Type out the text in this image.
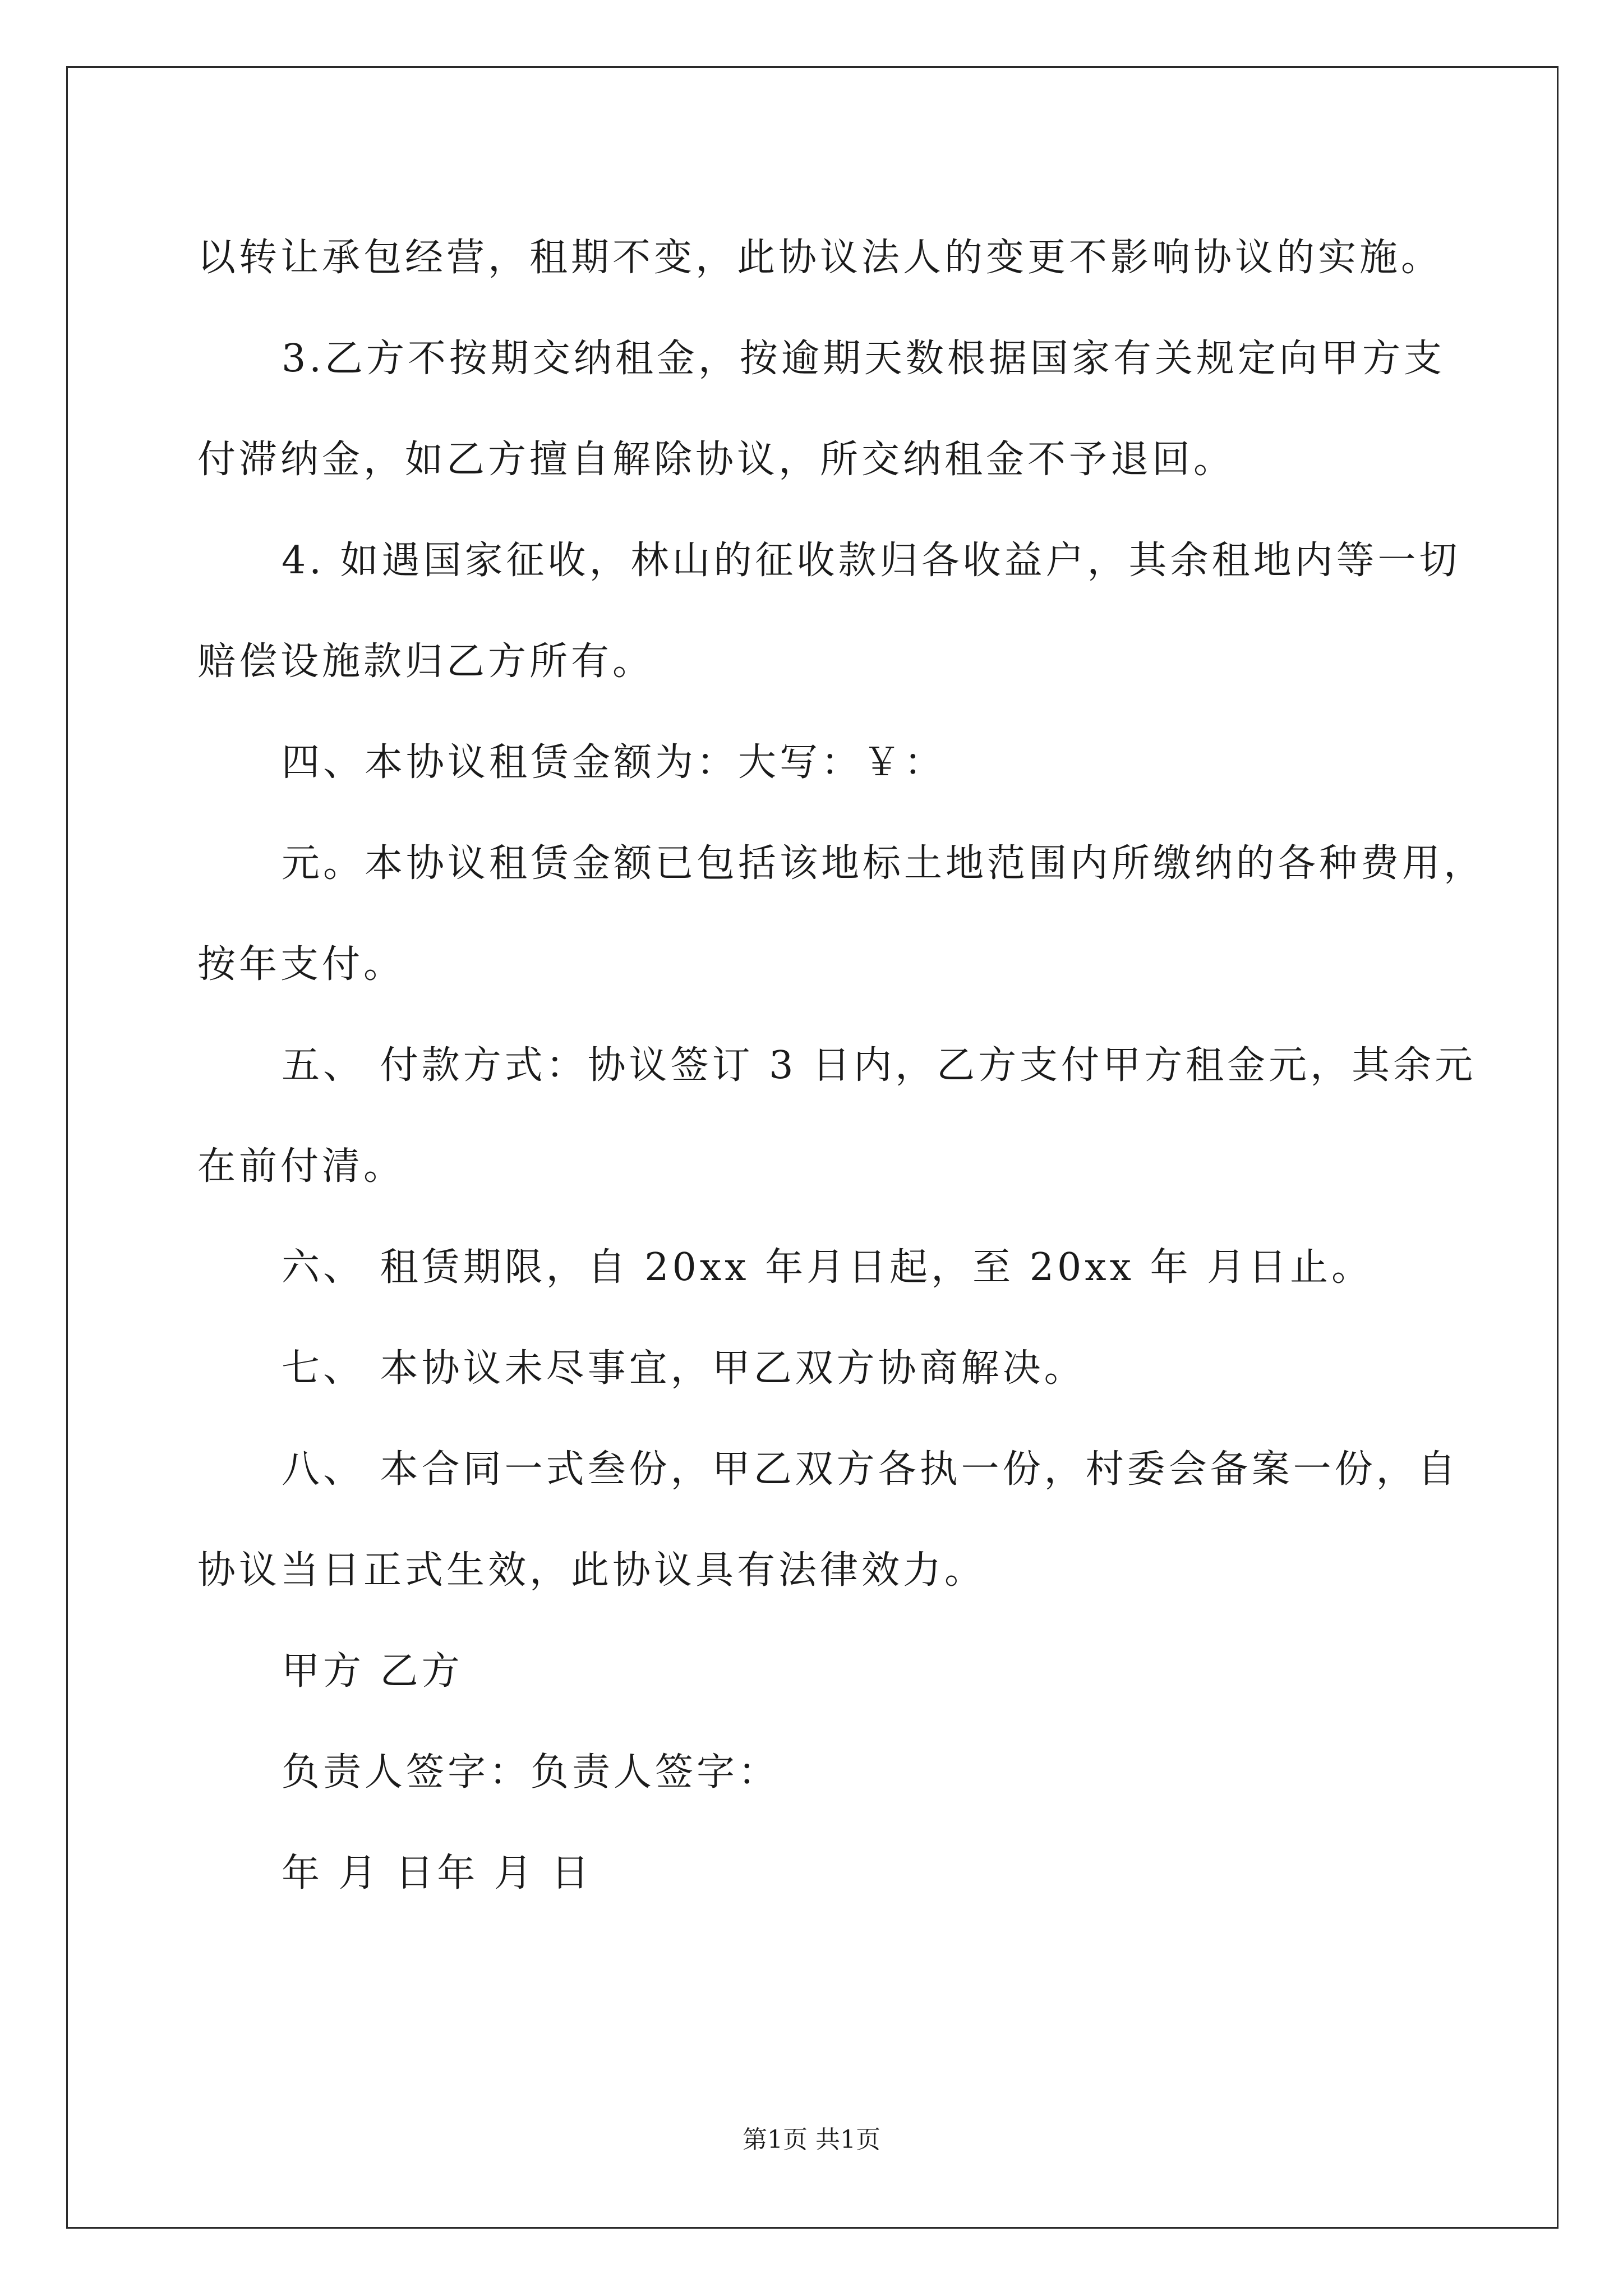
以转让承包经营，租期不变，此协议法人的变更不影响协议的实施。
3.乙方不按期交纳租金，按逾期天数根据国家有关规定向甲方支
付滞纳金，如乙方擅自解除协议，所交纳租金不予退回。
4. 如遇国家征收，林山的征收款归各收益户，其余租地内等一切
赔偿设施款归乙方所有。
四、本协议租赁金额为：大写：￥：
元。本协议租赁金额已包括该地标土地范围内所缴纳的各种费用，
按年支付。
五、 付款方式：协议签订 3 日内，乙方支付甲方租金元，其余元
在前付清。
六、 租赁期限，自 20xx 年月日起，至 20xx 年 月日止。
七、 本协议未尽事宜，甲乙双方协商解决。
八、 本合同一式叁份，甲乙双方各执一份，村委会备案一份，自
协议当日正式生效，此协议具有法律效力。
甲方 乙方
负责人签字：负责人签字：
年 月 日年 月 日
第1页 共1页
